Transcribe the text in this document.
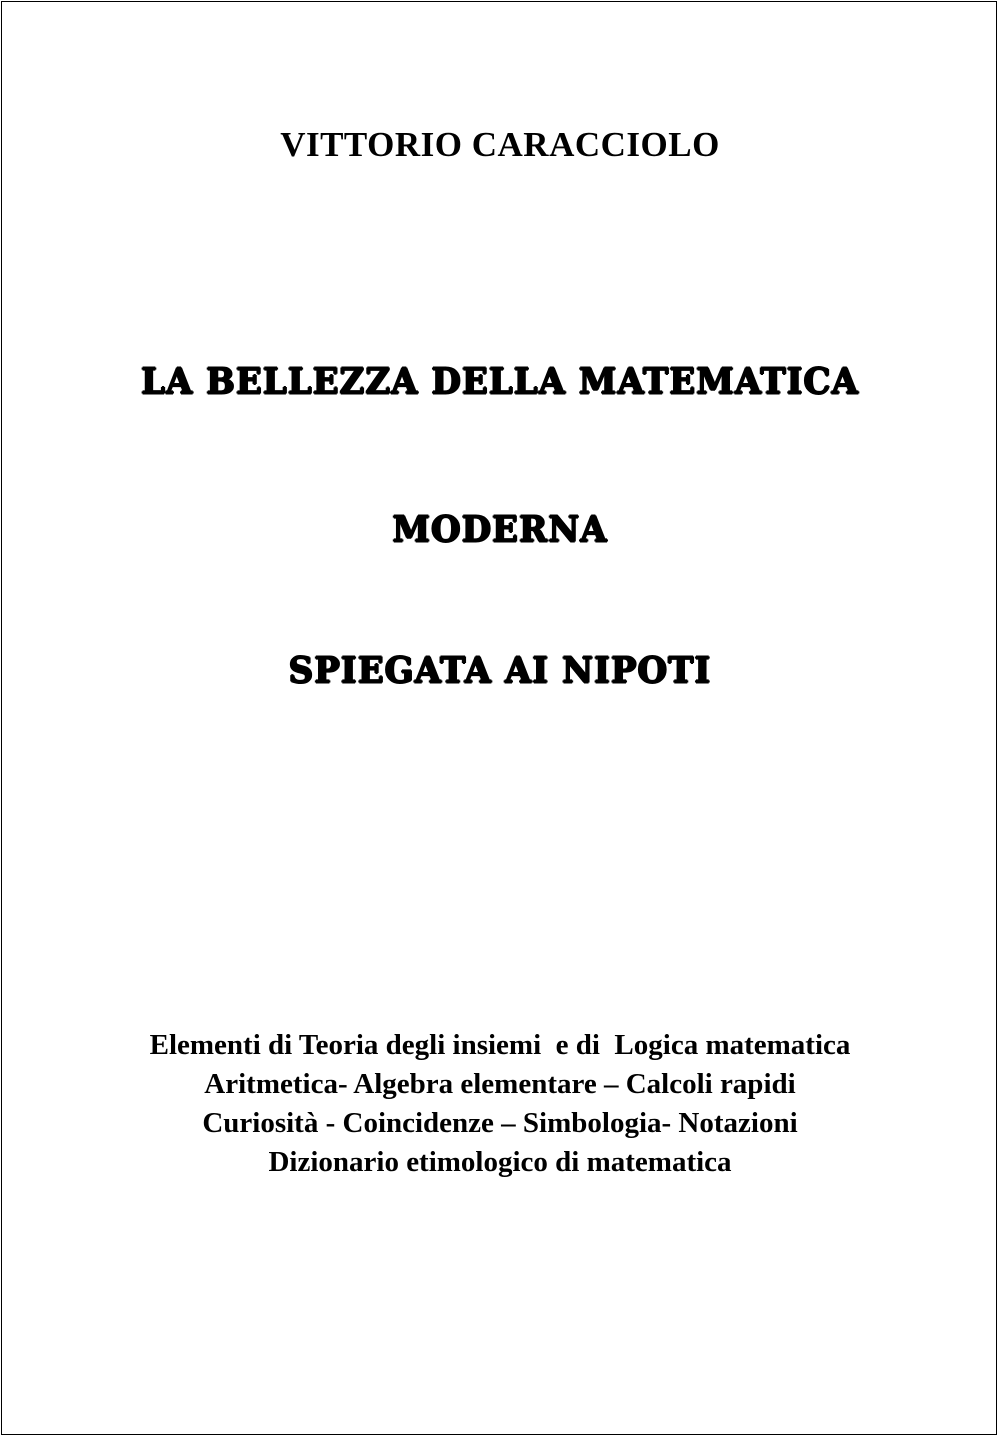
VITTORIO CARACCIOLO
LA BELLEZZA DELLA MATEMATICA
MODERNA
SPIEGATA AI NIPOTI
Elementi di Teoria degli insiemi  e di  Logica matematica
Aritmetica- Algebra elementare – Calcoli rapidi
Curiosità - Coincidenze – Simbologia- Notazioni
Dizionario etimologico di matematica
